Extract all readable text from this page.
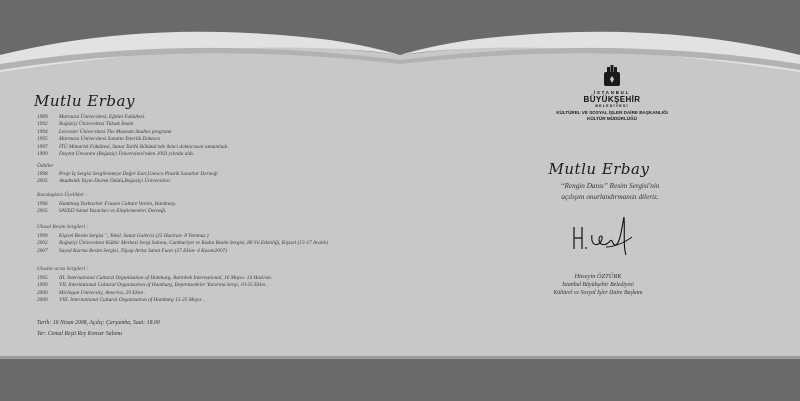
Mutlu Erbay
1989 Marmara Üniversitesi, Eğitim Fakültesi.
1992 Boğaziçi Üniversitesi Tülsak İmam
1994 Leicester Üniversitesi The Museum Studies programı
1995 Marmara Üniversitesi Sanatta Yeterlik Doktora
1997 İTÜ Mimarlık Fakültesi, Sanat Tarihi Bölümü'nde ikinci doktorasını tamamladı.
1999 Doçent Ünvanını (Boğaziçi Üniversitesi'nden 2003 yılında aldı.
Ödüller
1998 Proje İş Sergisi Sergilenmeye Değer Eser,Unesco Plastik Sanatlar Derneği
2005 Akademik Yayın Destek Ödülü,Boğaziçi Üniversitesi
Kuruluşlara Üyelikler :
1996 Hamburg Turkischer Frauen Culture Verein, Hamburg.
2005 SAYED Sanat Yazarları ve Eleştirmenleri Derneği.
Ulusal Resim Sergileri :
1999 Kişisel Resim Sergisi ", Tekel. Sanat Galerisi (25 Haziran- 8 Temmuz )
2002 Boğaziçi Üniversitesi Kültür Merkezi Sergi Salonu, Cumhuriyet ve Kadın Resim Sergisi, 80 Yıl Etkinliği, Kişisel (15-17 Aralık)
2007 Sayed Karma Resim Sergisi, Tüyap Artist Sanat Fuarı (27 Ekim- 4 Kasım2007)
Uluslar arası Sergileri :
1995 III. International Cultural Organization of Hamburg, Barmbek International, 16 Mayıs- 14 Haziran.
1999 VII. International Cultural Organization of Hamburg, Deprenzedeler Yararına Sergi, 10-25 Ekim .
2000 Michigan University, America, 29 Ekim .
2000 VIII. International Cultural Organization of Hamburg 15-25 Mayıs .
Tarih: 16 Nisan 2008, Açılış: Çarşamba, Saat: 18.00
Yer: Cemal Reşit Rey Konser Salonu
İSTANBUL
BÜYÜKŞEHİR
BELEDİYESİ
KÜLTÜREL VE SOSYAL İŞLER DAİRE BAŞKANLIĞI
KÜLTÜR MÜDÜRLÜĞÜ
Mutlu Erbay
“Rengin Dansı” Resim Sergisi'nin
açılışını onurlandırmanızı dileriz.
Hüseyin ÖZTÜRK
İstanbul Büyükşehir Belediyesi
Kültürel ve Sosyal İşler Daire Başkanı
